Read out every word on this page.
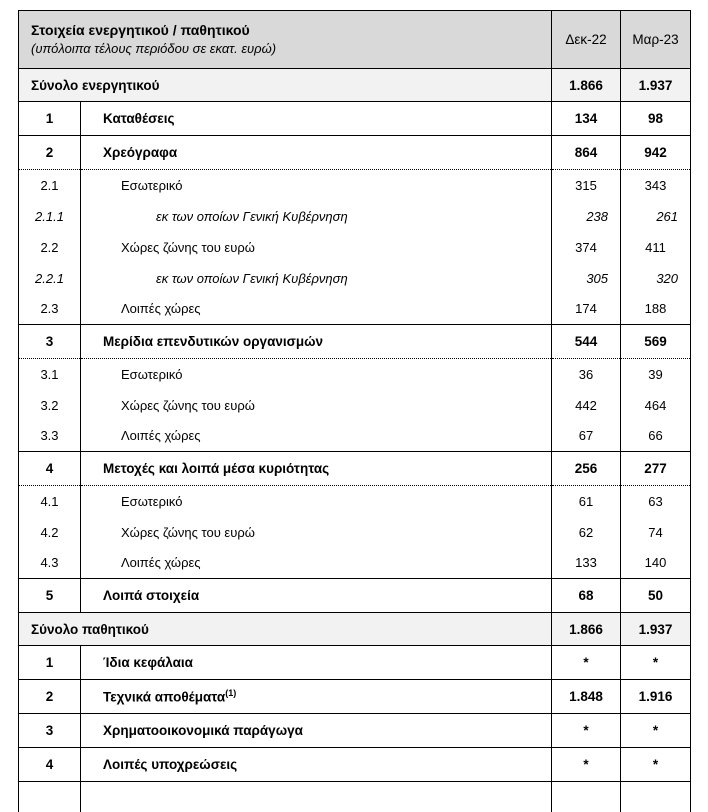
Στοιχεία ενεργητικού / παθητικού
(υπόλοιπα τέλους περιόδου σε εκατ. ευρώ)	Δεκ-22	Μαρ-23
Σύνολο ενεργητικού	1.866	1.937
1	Καταθέσεις	134	98
2	Χρεόγραφα	864	942
2.1	Εσωτερικό	315	343
2.1.1	εκ των οποίων Γενική Κυβέρνηση	238	261
2.2	Χώρες ζώνης του ευρώ	374	411
2.2.1	εκ των οποίων Γενική Κυβέρνηση	305	320
2.3	Λοιπές χώρες	174	188
3	Μερίδια επενδυτικών οργανισμών	544	569
3.1	Εσωτερικό	36	39
3.2	Χώρες ζώνης του ευρώ	442	464
3.3	Λοιπές χώρες	67	66
4	Μετοχές και λοιπά μέσα κυριότητας	256	277
4.1	Εσωτερικό	61	63
4.2	Χώρες ζώνης του ευρώ	62	74
4.3	Λοιπές χώρες	133	140
5	Λοιπά στοιχεία	68	50
Σύνολο παθητικού	1.866	1.937
1	Ίδια κεφάλαια	*	*
2	Τεχνικά αποθέματα$^{(1)}$	1.848	1.916
3	Χρηματοοικονομικά παράγωγα	*	*
4	Λοιπές υποχρεώσεις	*	*
